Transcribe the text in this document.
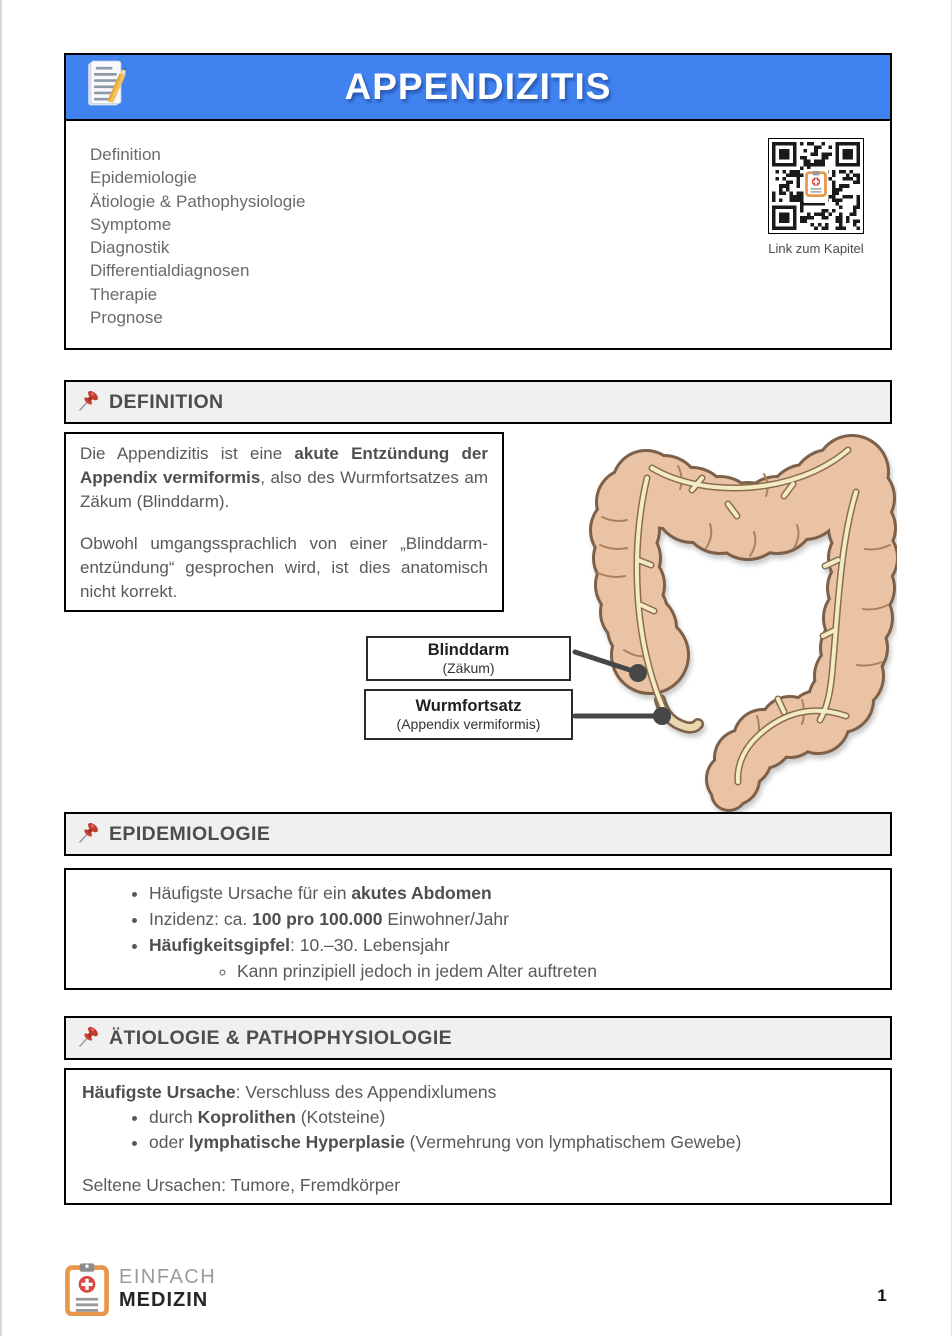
APPENDIZITIS
Definition
Epidemiologie
Ätiologie & Pathophysiologie
Symptome
Diagnostik
Differentialdiagnosen
Therapie
Prognose
Link zum Kapitel
DEFINITION

Die Appendizitis ist eine akute Entzündung der Appendix vermiformis, also des Wurmfortsatzes am Zäkum (Blinddarm).

Obwohl umgangssprachlich von einer „Blinddarm-entzündung“ gesprochen wird, ist dies anatomisch nicht korrekt.

Blinddarm
(Zäkum)
Wurmfortsatz
(Appendix vermiformis)
EPIDEMIOLOGIE
• Häufigste Ursache für ein akutes Abdomen
• Inzidenz: ca. 100 pro 100.000 Einwohner/Jahr
• Häufigkeitsgipfel: 10.–30. Lebensjahr
◦ Kann prinzipiell jedoch in jedem Alter auftreten
ÄTIOLOGIE & PATHOPHYSIOLOGIE
Häufigste Ursache: Verschluss des Appendixlumens
• durch Koprolithen (Kotsteine)
• oder lymphatische Hyperplasie (Vermehrung von lymphatischem Gewebe)
Seltene Ursachen: Tumore, Fremdkörper
EINFACH
MEDIZIN	1
